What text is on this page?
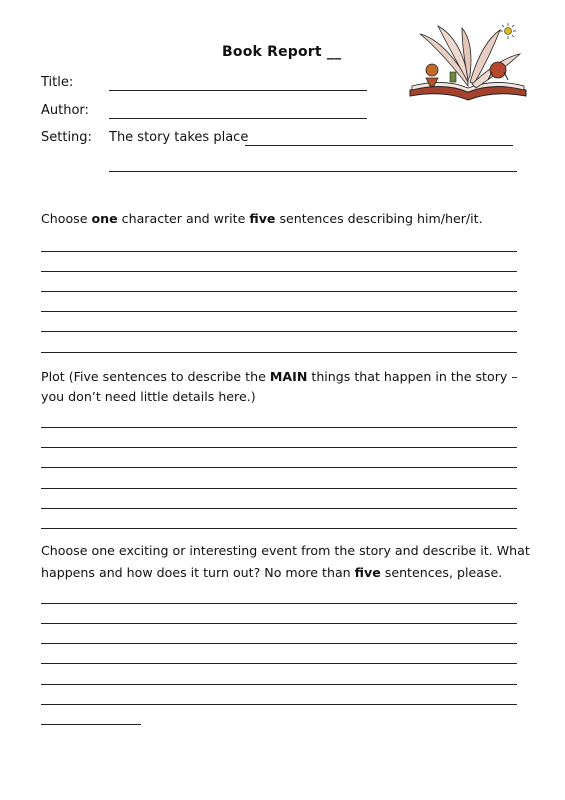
Book Report __
Title:
Author:
Setting: The story takes place
Choose one character and write five sentences describing him/her/it.
Plot (Five sentences to describe the MAIN things that happen in the story –
you don’t need little details here.)
Choose one exciting or interesting event from the story and describe it. What
happens and how does it turn out? No more than five sentences, please.
